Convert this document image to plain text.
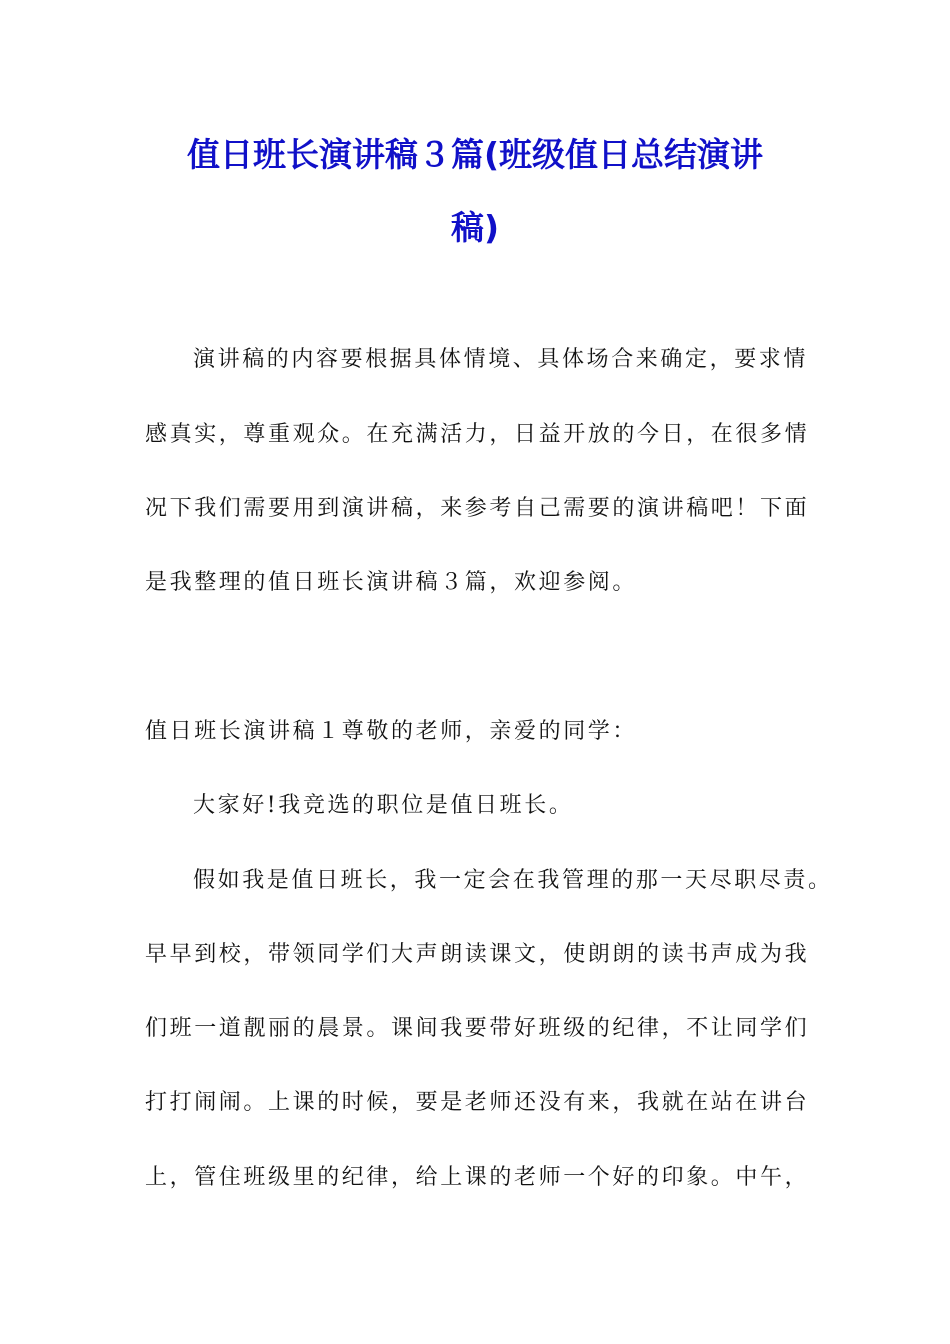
值日班长演讲稿３篇(班级值日总结演讲
稿)
演讲稿的内容要根据具体情境、具体场合来确定，要求情
感真实，尊重观众。在充满活力，日益开放的今日，在很多情
况下我们需要用到演讲稿，来参考自己需要的演讲稿吧！下面
是我整理的值日班长演讲稿３篇，欢迎参阅。
值日班长演讲稿１尊敬的老师，亲爱的同学：
大家好!我竞选的职位是值日班长。
假如我是值日班长，我一定会在我管理的那一天尽职尽责。
早早到校，带领同学们大声朗读课文，使朗朗的读书声成为我
们班一道靓丽的晨景。课间我要带好班级的纪律，不让同学们
打打闹闹。上课的时候，要是老师还没有来，我就在站在讲台
上，管住班级里的纪律，给上课的老师一个好的印象。中午，
